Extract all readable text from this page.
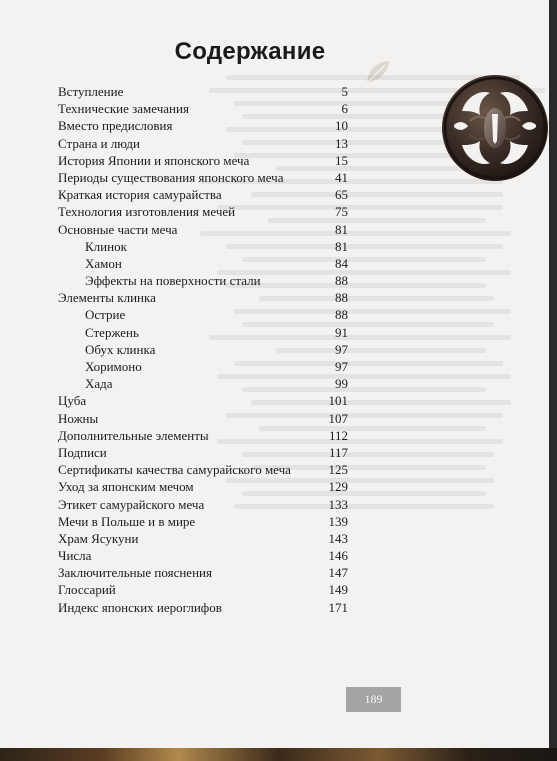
Содержание
Вступление	5
Технические замечания	6
Вместо предисловия	10
Страна и люди	13
История Японии и японского меча	15
Периоды существования японского меча	41
Краткая история самурайства	65
Технология изготовления мечей	75
Основные части меча	81
Клинок	81
Хамон	84
Эффекты на поверхности стали	88
Элементы клинка	88
Острие	88
Стержень	91
Обух клинка	97
Хоримоно	97
Хада	99
Цуба	101
Ножны	107
Дополнительные элементы	112
Подписи	117
Сертификаты качества самурайского меча	125
Уход за японским мечом	129
Этикет самурайского меча	133
Мечи в Польше и в мире	139
Храм Ясукуни	143
Числа	146
Заключительные пояснения	147
Глоссарий	149
Индекс японских иероглифов	171
189
